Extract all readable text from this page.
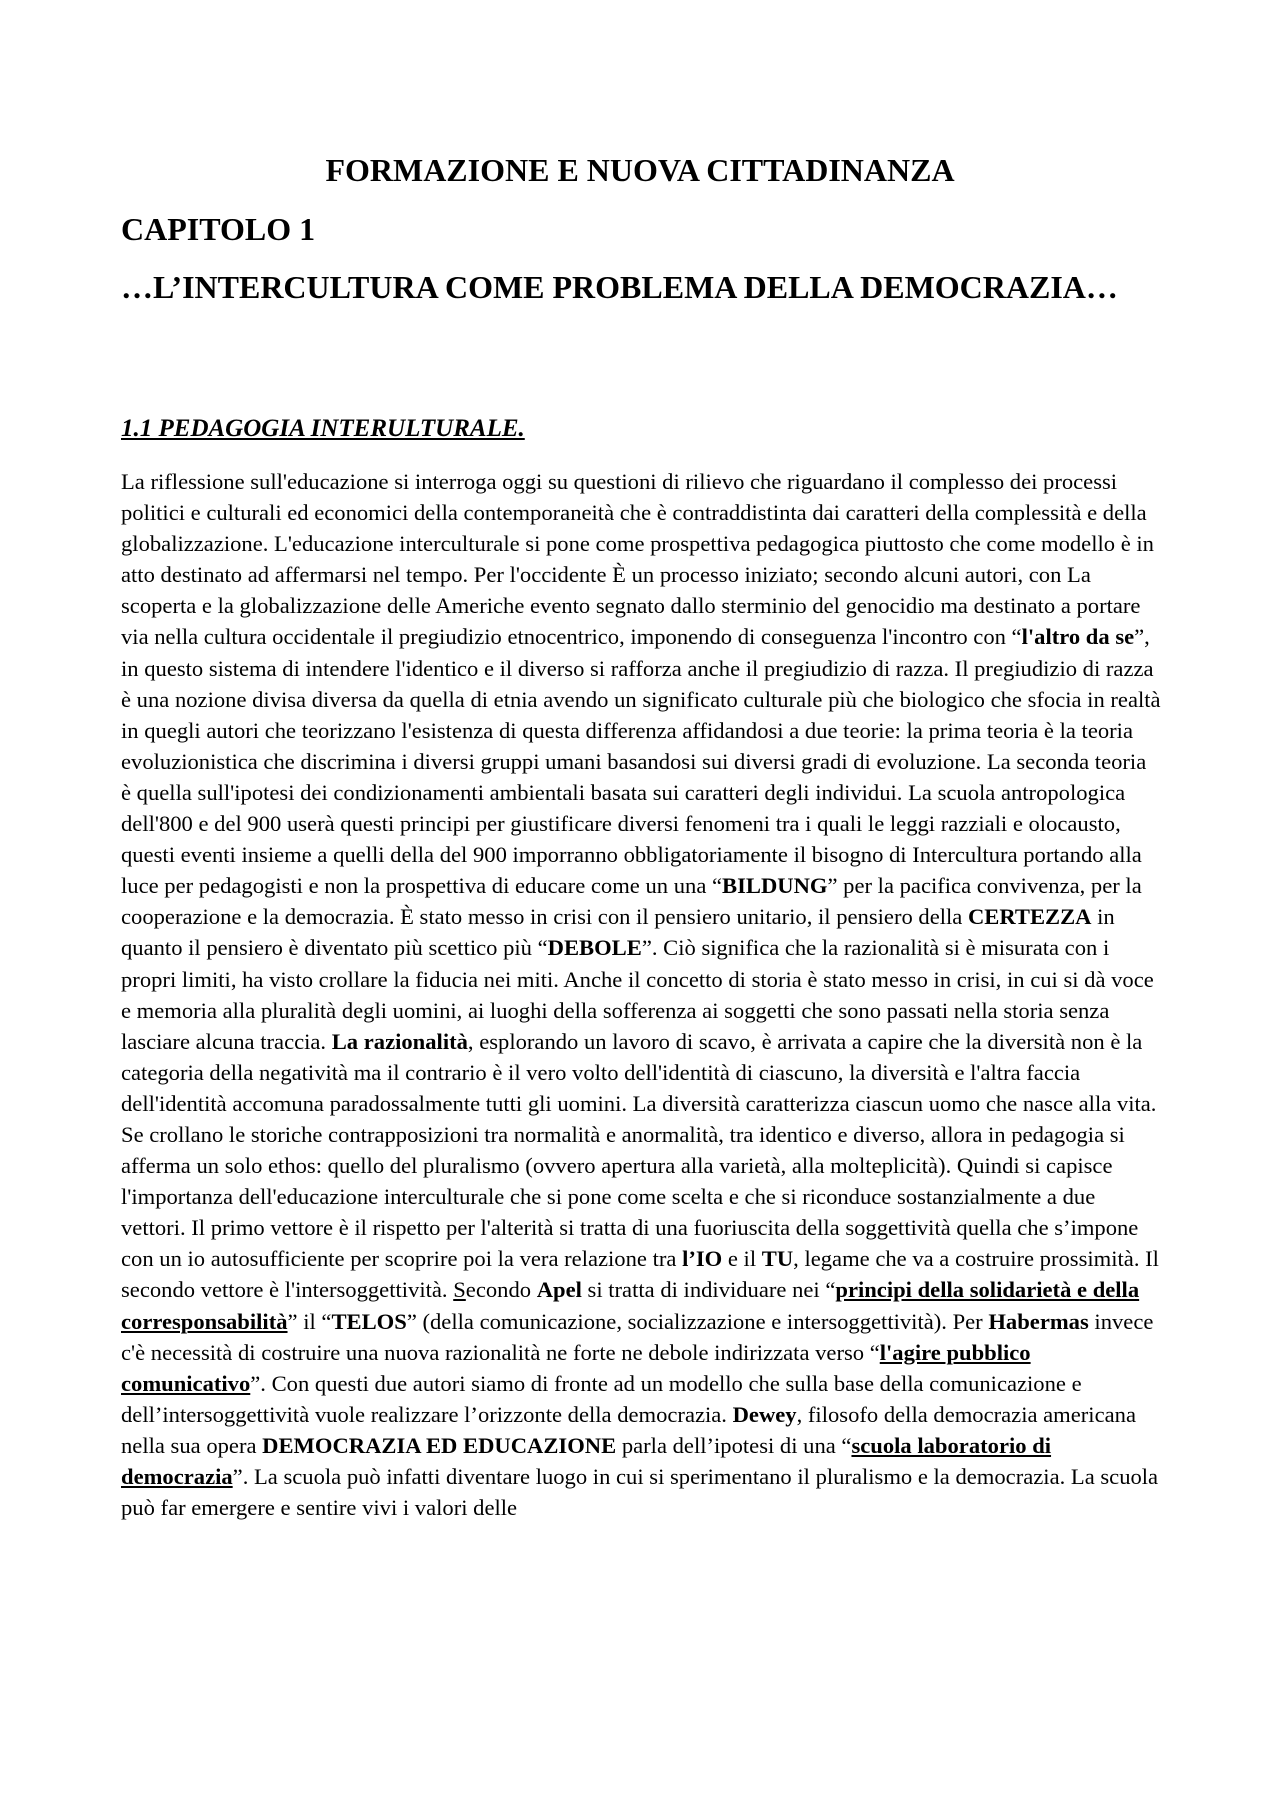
FORMAZIONE E NUOVA CITTADINANZA
CAPITOLO 1
…L’INTERCULTURA COME PROBLEMA DELLA DEMOCRAZIA…
1.1 PEDAGOGIA INTERULTURALE.

La riflessione sull'educazione si interroga oggi su questioni di rilievo che riguardano il complesso dei processi politici e culturali ed economici della contemporaneità che è contraddistinta dai caratteri della complessità e della globalizzazione. L'educazione interculturale si pone come prospettiva pedagogica piuttosto che come modello è in atto destinato ad affermarsi nel tempo. Per l'occidente È un processo iniziato; secondo alcuni autori, con La scoperta e la globalizzazione delle Americhe evento segnato dallo sterminio del genocidio ma destinato a portare via nella cultura occidentale il pregiudizio etnocentrico, imponendo di conseguenza l'incontro con “l'altro da se”, in questo sistema di intendere l'identico e il diverso si rafforza anche il pregiudizio di razza. Il pregiudizio di razza è una nozione divisa diversa da quella di etnia avendo un significato culturale più che biologico che sfocia in realtà in quegli autori che teorizzano l'esistenza di questa differenza affidandosi a due teorie: la prima teoria è la teoria evoluzionistica che discrimina i diversi gruppi umani basandosi sui diversi gradi di evoluzione. La seconda teoria è quella sull'ipotesi dei condizionamenti ambientali basata sui caratteri degli individui. La scuola antropologica dell'800 e del 900 userà questi principi per giustificare diversi fenomeni tra i quali le leggi razziali e olocausto, questi eventi insieme a quelli della del 900 imporranno obbligatoriamente il bisogno di Intercultura portando alla luce per pedagogisti e non la prospettiva di educare come un una “BILDUNG” per la pacifica convivenza, per la cooperazione e la democrazia. È stato messo in crisi con il pensiero unitario, il pensiero della CERTEZZA in quanto il pensiero è diventato più scettico più “DEBOLE”. Ciò significa che la razionalità si è misurata con i propri limiti, ha visto crollare la fiducia nei miti. Anche il concetto di storia è stato messo in crisi, in cui si dà voce e memoria alla pluralità degli uomini, ai luoghi della sofferenza ai soggetti che sono passati nella storia senza lasciare alcuna traccia. La razionalità, esplorando un lavoro di scavo, è arrivata a capire che la diversità non è la categoria della negatività ma il contrario è il vero volto dell'identità di ciascuno, la diversità e l'altra faccia dell'identità accomuna paradossalmente tutti gli uomini. La diversità caratterizza ciascun uomo che nasce alla vita. Se crollano le storiche contrapposizioni tra normalità e anormalità, tra identico e diverso, allora in pedagogia si afferma un solo ethos: quello del pluralismo (ovvero apertura alla varietà, alla molteplicità). Quindi si capisce l'importanza dell'educazione interculturale che si pone come scelta e che si riconduce sostanzialmente a due vettori. Il primo vettore è il rispetto per l'alterità si tratta di una fuoriuscita della soggettività quella che s’impone con un io autosufficiente per scoprire poi la vera relazione tra l’IO e il TU, legame che va a costruire prossimità. Il secondo vettore è l'intersoggettività. Secondo Apel si tratta di individuare nei “principi della solidarietà e della corresponsabilità” il “TELOS” (della comunicazione, socializzazione e intersoggettività). Per Habermas invece c'è necessità di costruire una nuova razionalità ne forte ne debole indirizzata verso “l'agire pubblico comunicativo”. Con questi due autori siamo di fronte ad un modello che sulla base della comunicazione e dell’intersoggettività vuole realizzare l’orizzonte della democrazia. Dewey, filosofo della democrazia americana nella sua opera DEMOCRAZIA ED EDUCAZIONE parla dell’ipotesi di una “scuola laboratorio di democrazia”. La scuola può infatti diventare luogo in cui si sperimentano il pluralismo e la democrazia. La scuola può far emergere e sentire vivi i valori delle
